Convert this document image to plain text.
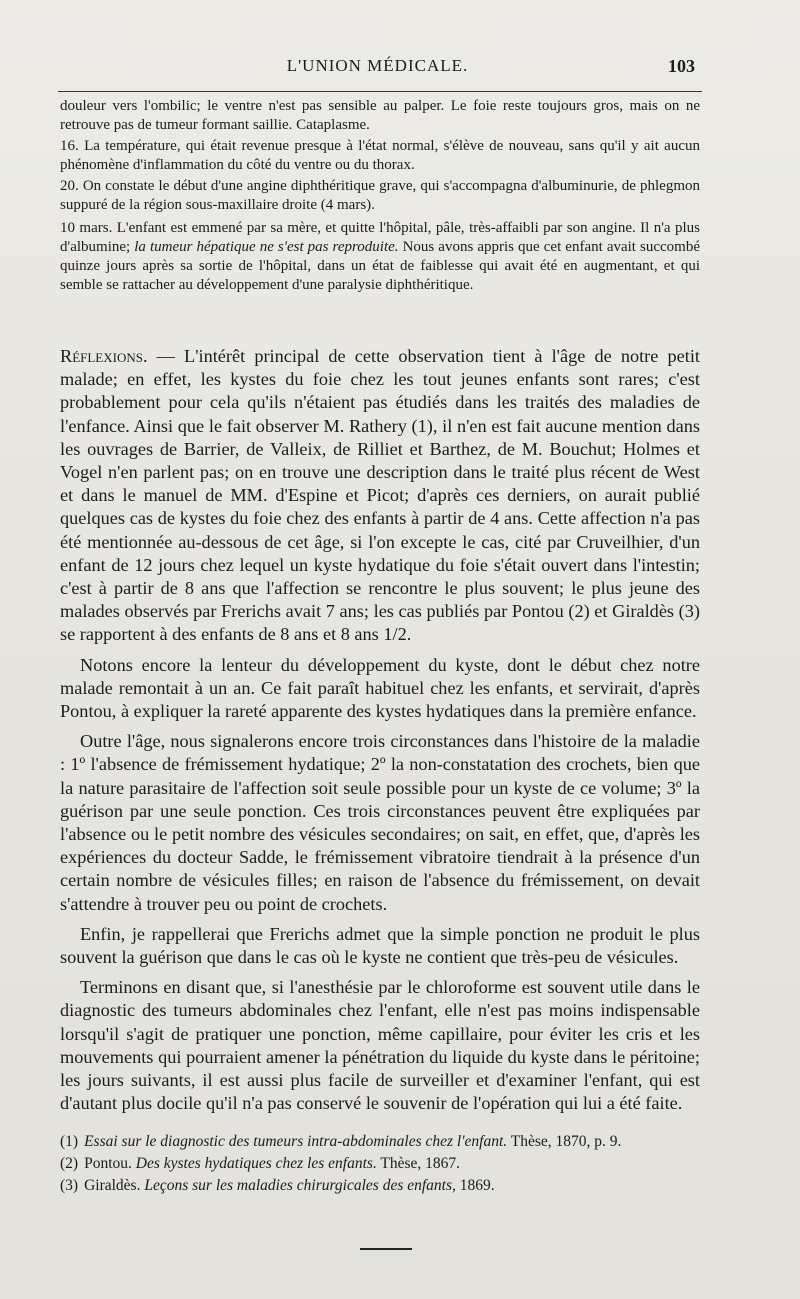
L'UNION MÉDICALE.	103

douleur vers l'ombilic; le ventre n'est pas sensible au palper. Le foie reste toujours gros, mais on ne retrouve pas de tumeur formant saillie. Cataplasme.

16. La température, qui était revenue presque à l'état normal, s'élève de nouveau, sans qu'il y ait aucun phénomène d'inflammation du côté du ventre ou du thorax.

20. On constate le début d'une angine diphthéritique grave, qui s'accompagna d'albuminurie, de phlegmon suppuré de la région sous-maxillaire droite (4 mars).

10 mars. L'enfant est emmené par sa mère, et quitte l'hôpital, pâle, très-affaibli par son angine. Il n'a plus d'albumine; la tumeur hépatique ne s'est pas reproduite. Nous avons appris que cet enfant avait succombé quinze jours après sa sortie de l'hôpital, dans un état de faiblesse qui avait été en augmentant, et qui semble se rattacher au développement d'une paralysie diphthéritique.

Réflexions. — L'intérêt principal de cette observation tient à l'âge de notre petit malade; en effet, les kystes du foie chez les tout jeunes enfants sont rares; c'est probablement pour cela qu'ils n'étaient pas étudiés dans les traités des maladies de l'enfance. Ainsi que le fait observer M. Rathery (1), il n'en est fait aucune mention dans les ouvrages de Barrier, de Valleix, de Rilliet et Barthez, de M. Bouchut; Holmes et Vogel n'en parlent pas; on en trouve une description dans le traité plus récent de West et dans le manuel de MM. d'Espine et Picot; d'après ces derniers, on aurait publié quelques cas de kystes du foie chez des enfants à partir de 4 ans. Cette affection n'a pas été mentionnée au-dessous de cet âge, si l'on excepte le cas, cité par Cruveilhier, d'un enfant de 12 jours chez lequel un kyste hydatique du foie s'était ouvert dans l'intestin; c'est à partir de 8 ans que l'affection se rencontre le plus souvent; le plus jeune des malades observés par Frerichs avait 7 ans; les cas publiés par Pontou (2) et Giraldès (3) se rapportent à des enfants de 8 ans et 8 ans 1/2.

Notons encore la lenteur du développement du kyste, dont le début chez notre malade remontait à un an. Ce fait paraît habituel chez les enfants, et servirait, d'après Pontou, à expliquer la rareté apparente des kystes hydatiques dans la première enfance.

Outre l'âge, nous signalerons encore trois circonstances dans l'histoire de la maladie : 1º l'absence de frémissement hydatique; 2º la non-constatation des crochets, bien que la nature parasitaire de l'affection soit seule possible pour un kyste de ce volume; 3º la guérison par une seule ponction. Ces trois circonstances peuvent être expliquées par l'absence ou le petit nombre des vésicules secondaires; on sait, en effet, que, d'après les expériences du docteur Sadde, le frémissement vibratoire tiendrait à la présence d'un certain nombre de vésicules filles; en raison de l'absence du frémissement, on devait s'attendre à trouver peu ou point de crochets.

Enfin, je rappellerai que Frerichs admet que la simple ponction ne produit le plus souvent la guérison que dans le cas où le kyste ne contient que très-peu de vésicules.

Terminons en disant que, si l'anesthésie par le chloroforme est souvent utile dans le diagnostic des tumeurs abdominales chez l'enfant, elle n'est pas moins indispensable lorsqu'il s'agit de pratiquer une ponction, même capillaire, pour éviter les cris et les mouvements qui pourraient amener la pénétration du liquide du kyste dans le péritoine; les jours suivants, il est aussi plus facile de surveiller et d'examiner l'enfant, qui est d'autant plus docile qu'il n'a pas conservé le souvenir de l'opération qui lui a été faite.

(1) Essai sur le diagnostic des tumeurs intra-abdominales chez l'enfant. Thèse, 1870, p. 9.
(2) Pontou. Des kystes hydatiques chez les enfants. Thèse, 1867.
(3) Giraldès. Leçons sur les maladies chirurgicales des enfants, 1869.
